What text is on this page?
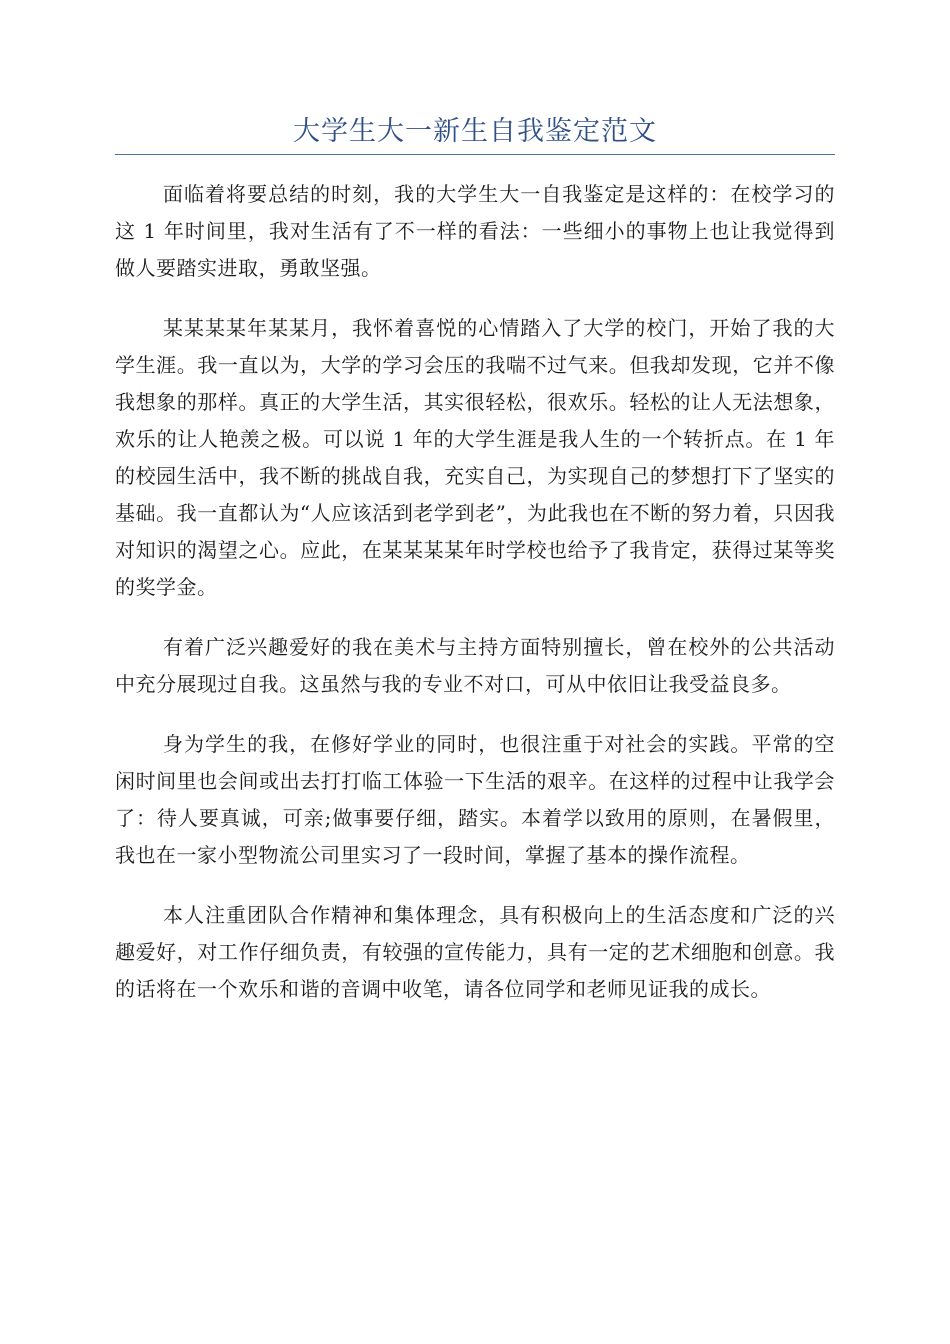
大学生大一新生自我鉴定范文

面临着将要总结的时刻，我的大学生大一自我鉴定是这样的：在校学习的这 1 年时间里，我对生活有了不一样的看法：一些细小的事物上也让我觉得到做人要踏实进取，勇敢坚强。

某某某某年某某月，我怀着喜悦的心情踏入了大学的校门，开始了我的大学生涯。我一直以为，大学的学习会压的我喘不过气来。但我却发现，它并不像我想象的那样。真正的大学生活，其实很轻松，很欢乐。轻松的让人无法想象，欢乐的让人艳羡之极。可以说 1 年的大学生涯是我人生的一个转折点。在 1 年的校园生活中，我不断的挑战自我，充实自己，为实现自己的梦想打下了坚实的基础。我一直都认为“人应该活到老学到老”，为此我也在不断的努力着，只因我对知识的渴望之心。应此，在某某某某年时学校也给予了我肯定，获得过某等奖的奖学金。

有着广泛兴趣爱好的我在美术与主持方面特别擅长，曾在校外的公共活动中充分展现过自我。这虽然与我的专业不对口，可从中依旧让我受益良多。

身为学生的我，在修好学业的同时，也很注重于对社会的实践。平常的空闲时间里也会间或出去打打临工体验一下生活的艰辛。在这样的过程中让我学会了：待人要真诚，可亲;做事要仔细，踏实。本着学以致用的原则，在暑假里，我也在一家小型物流公司里实习了一段时间，掌握了基本的操作流程。

本人注重团队合作精神和集体理念，具有积极向上的生活态度和广泛的兴趣爱好，对工作仔细负责，有较强的宣传能力，具有一定的艺术细胞和创意。我的话将在一个欢乐和谐的音调中收笔，请各位同学和老师见证我的成长。
